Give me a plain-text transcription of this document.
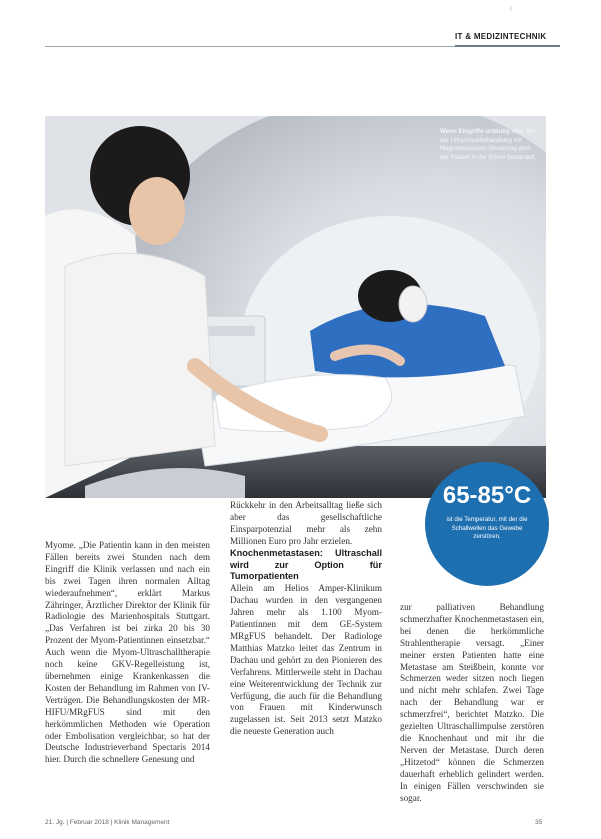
I
IT & MEDIZINTECHNIK
Wenn Eingriffe unblutig sind: Bei der Ultraschallbehandlung mit Magnetresonanz-Steuerung wird der Patient in der Röhre behandelt.
65-85°C
ist die Temperatur, mit der die Schallwellen das Gewebe zerstören.

Myome. „Die Patientin kann in den meisten Fällen bereits zwei Stunden nach dem Eingriff die Klinik verlassen und nach ein bis zwei Tagen ihren normalen Alltag wiederaufnehmen“, erklärt Markus Zähringer, Ärztlicher Direktor der Klinik für Radiologie des Marienhospitals Stuttgart. „Das Verfahren ist bei zirka 20 bis 30 Prozent der Myom-Patientinnen einsetzbar.“ Auch wenn die Myom-Ultraschalltherapie noch keine GKV-Regelleistung ist, übernehmen einige Krankenkassen die Kosten der Behandlung im Rahmen von IV-Verträgen. Die Behandlungskosten der MR-HIFU/MRgFUS sind mit den herkömmlichen Methoden wie Operation oder Embolisation vergleichbar, so hat der Deutsche Industrieverband Spectaris 2014 hier. Durch die schnellere Genesung und

Rückkehr in den Arbeitsalltag ließe sich aber das gesellschaftliche Einsparpotenzial mehr als zehn Millionen Euro pro Jahr erzielen.

Knochenmetastasen: Ultraschall wird zur Option für Tumorpatienten

Allein am Helios Amper-Klinikum Dachau wurden in den vergangenen Jahren mehr als 1.100 Myom-Patientinnen mit dem GE-System MRgFUS behandelt. Der Radiologe Matthias Matzko leitet das Zentrum in Dachau und gehört zu den Pionieren des Verfahrens. Mittlerweile steht in Dachau eine Weiterentwicklung der Technik zur Verfügung, die auch für die Behandlung von Frauen mit Kinderwunsch zugelassen ist. Seit 2013 setzt Matzko die neueste Generation auch

zur palliativen Behandlung schmerzhafter Knochenmetastasen ein, bei denen die herkömmliche Strahlentherapie versagt. „Einer meiner ersten Patienten hatte eine Metastase am Steißbein, konnte vor Schmerzen weder sitzen noch liegen und nicht mehr schlafen. Zwei Tage nach der Behandlung war er schmerzfrei“, berichtet Matzko. Die gezielten Ultraschallimpulse zerstören die Knochenhaut und mit ihr die Nerven der Metastase. Durch deren „Hitzetod“ können die Schmerzen dauerhaft erheblich gelindert werden. In einigen Fällen verschwinden sie sogar.

21. Jg. | Februar 2018 | Klinik Management	35
